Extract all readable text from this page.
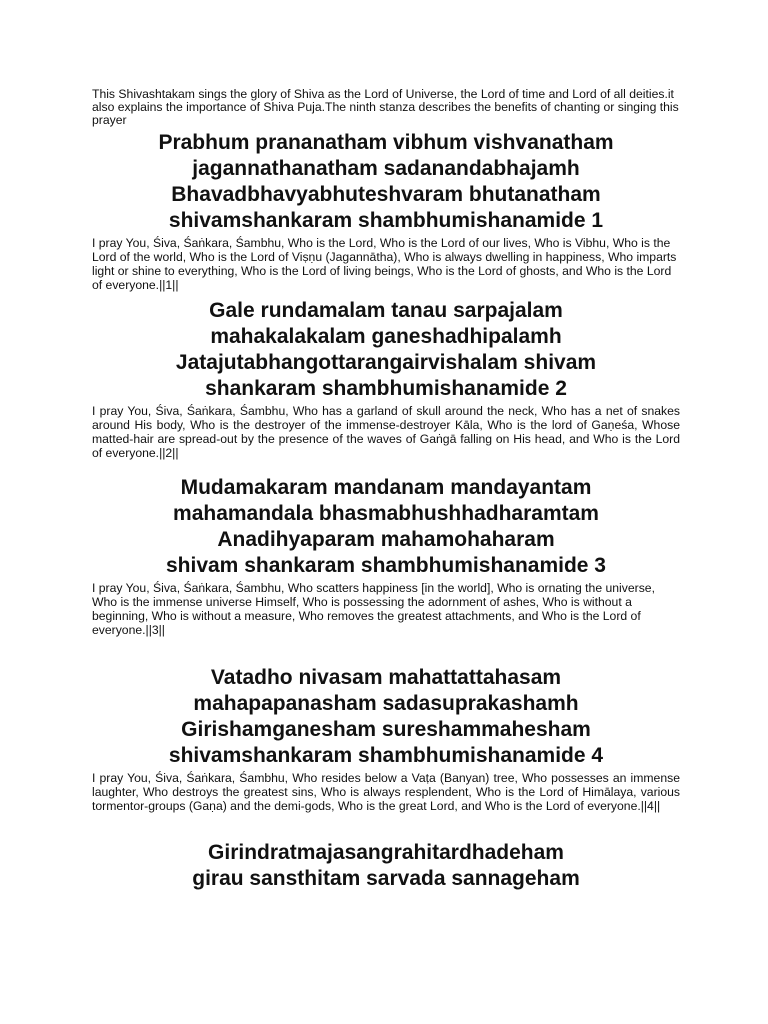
This Shivashtakam sings the glory of Shiva as the Lord of Universe, the Lord of time and Lord of all deities.it also explains the importance of Shiva Puja.The ninth stanza describes the benefits of chanting or singing this prayer

Prabhum prananatham vibhum vishvanatham
jagannathanatham sadanandabhajamh
Bhavadbhavyabhuteshvaram bhutanatham
shivamshankaram shambhumishanamide 1

I pray You, Śiva, Śaṅkara, Śambhu, Who is the Lord, Who is the Lord of our lives, Who is Vibhu, Who is the Lord of the world, Who is the Lord of Viṣṇu (Jagannātha), Who is always dwelling in happiness, Who imparts light or shine to everything, Who is the Lord of living beings, Who is the Lord of ghosts, and Who is the Lord of everyone.||1||

Gale rundamalam tanau sarpajalam
mahakalakalam ganeshadhipalamh
Jatajutabhangottarangairvishalam shivam
shankaram shambhumishanamide 2

I pray You, Śiva, Śaṅkara, Śambhu, Who has a garland of skull around the neck, Who has a net of snakes around His body, Who is the destroyer of the immense-destroyer Kāla, Who is the lord of Gaṇeśa, Whose matted-hair are spread-out by the presence of the waves of Gaṅgā falling on His head, and Who is the Lord of everyone.||2||

Mudamakaram mandanam mandayantam
mahamandala bhasmabhushhadharamtam
Anadihyaparam mahamohaharam
shivam shankaram shambhumishanamide 3

I pray You, Śiva, Śaṅkara, Śambhu, Who scatters happiness [in the world], Who is ornating the universe, Who is the immense universe Himself, Who is possessing the adornment of ashes, Who is without a beginning, Who is without a measure, Who removes the greatest attachments, and Who is the Lord of everyone.||3||

Vatadho nivasam mahattattahasam
mahapapanasham sadasuprakashamh
Girishamganesham sureshammahesham
shivamshankaram shambhumishanamide 4

I pray You, Śiva, Śaṅkara, Śambhu, Who resides below a Vaṭa (Banyan) tree, Who possesses an immense laughter, Who destroys the greatest sins, Who is always resplendent, Who is the Lord of Himālaya, various tormentor-groups (Gaṇa) and the demi-gods, Who is the great Lord, and Who is the Lord of everyone.||4||

Girindratmajasangrahitardhadeham
girau sansthitam sarvada sannageham
